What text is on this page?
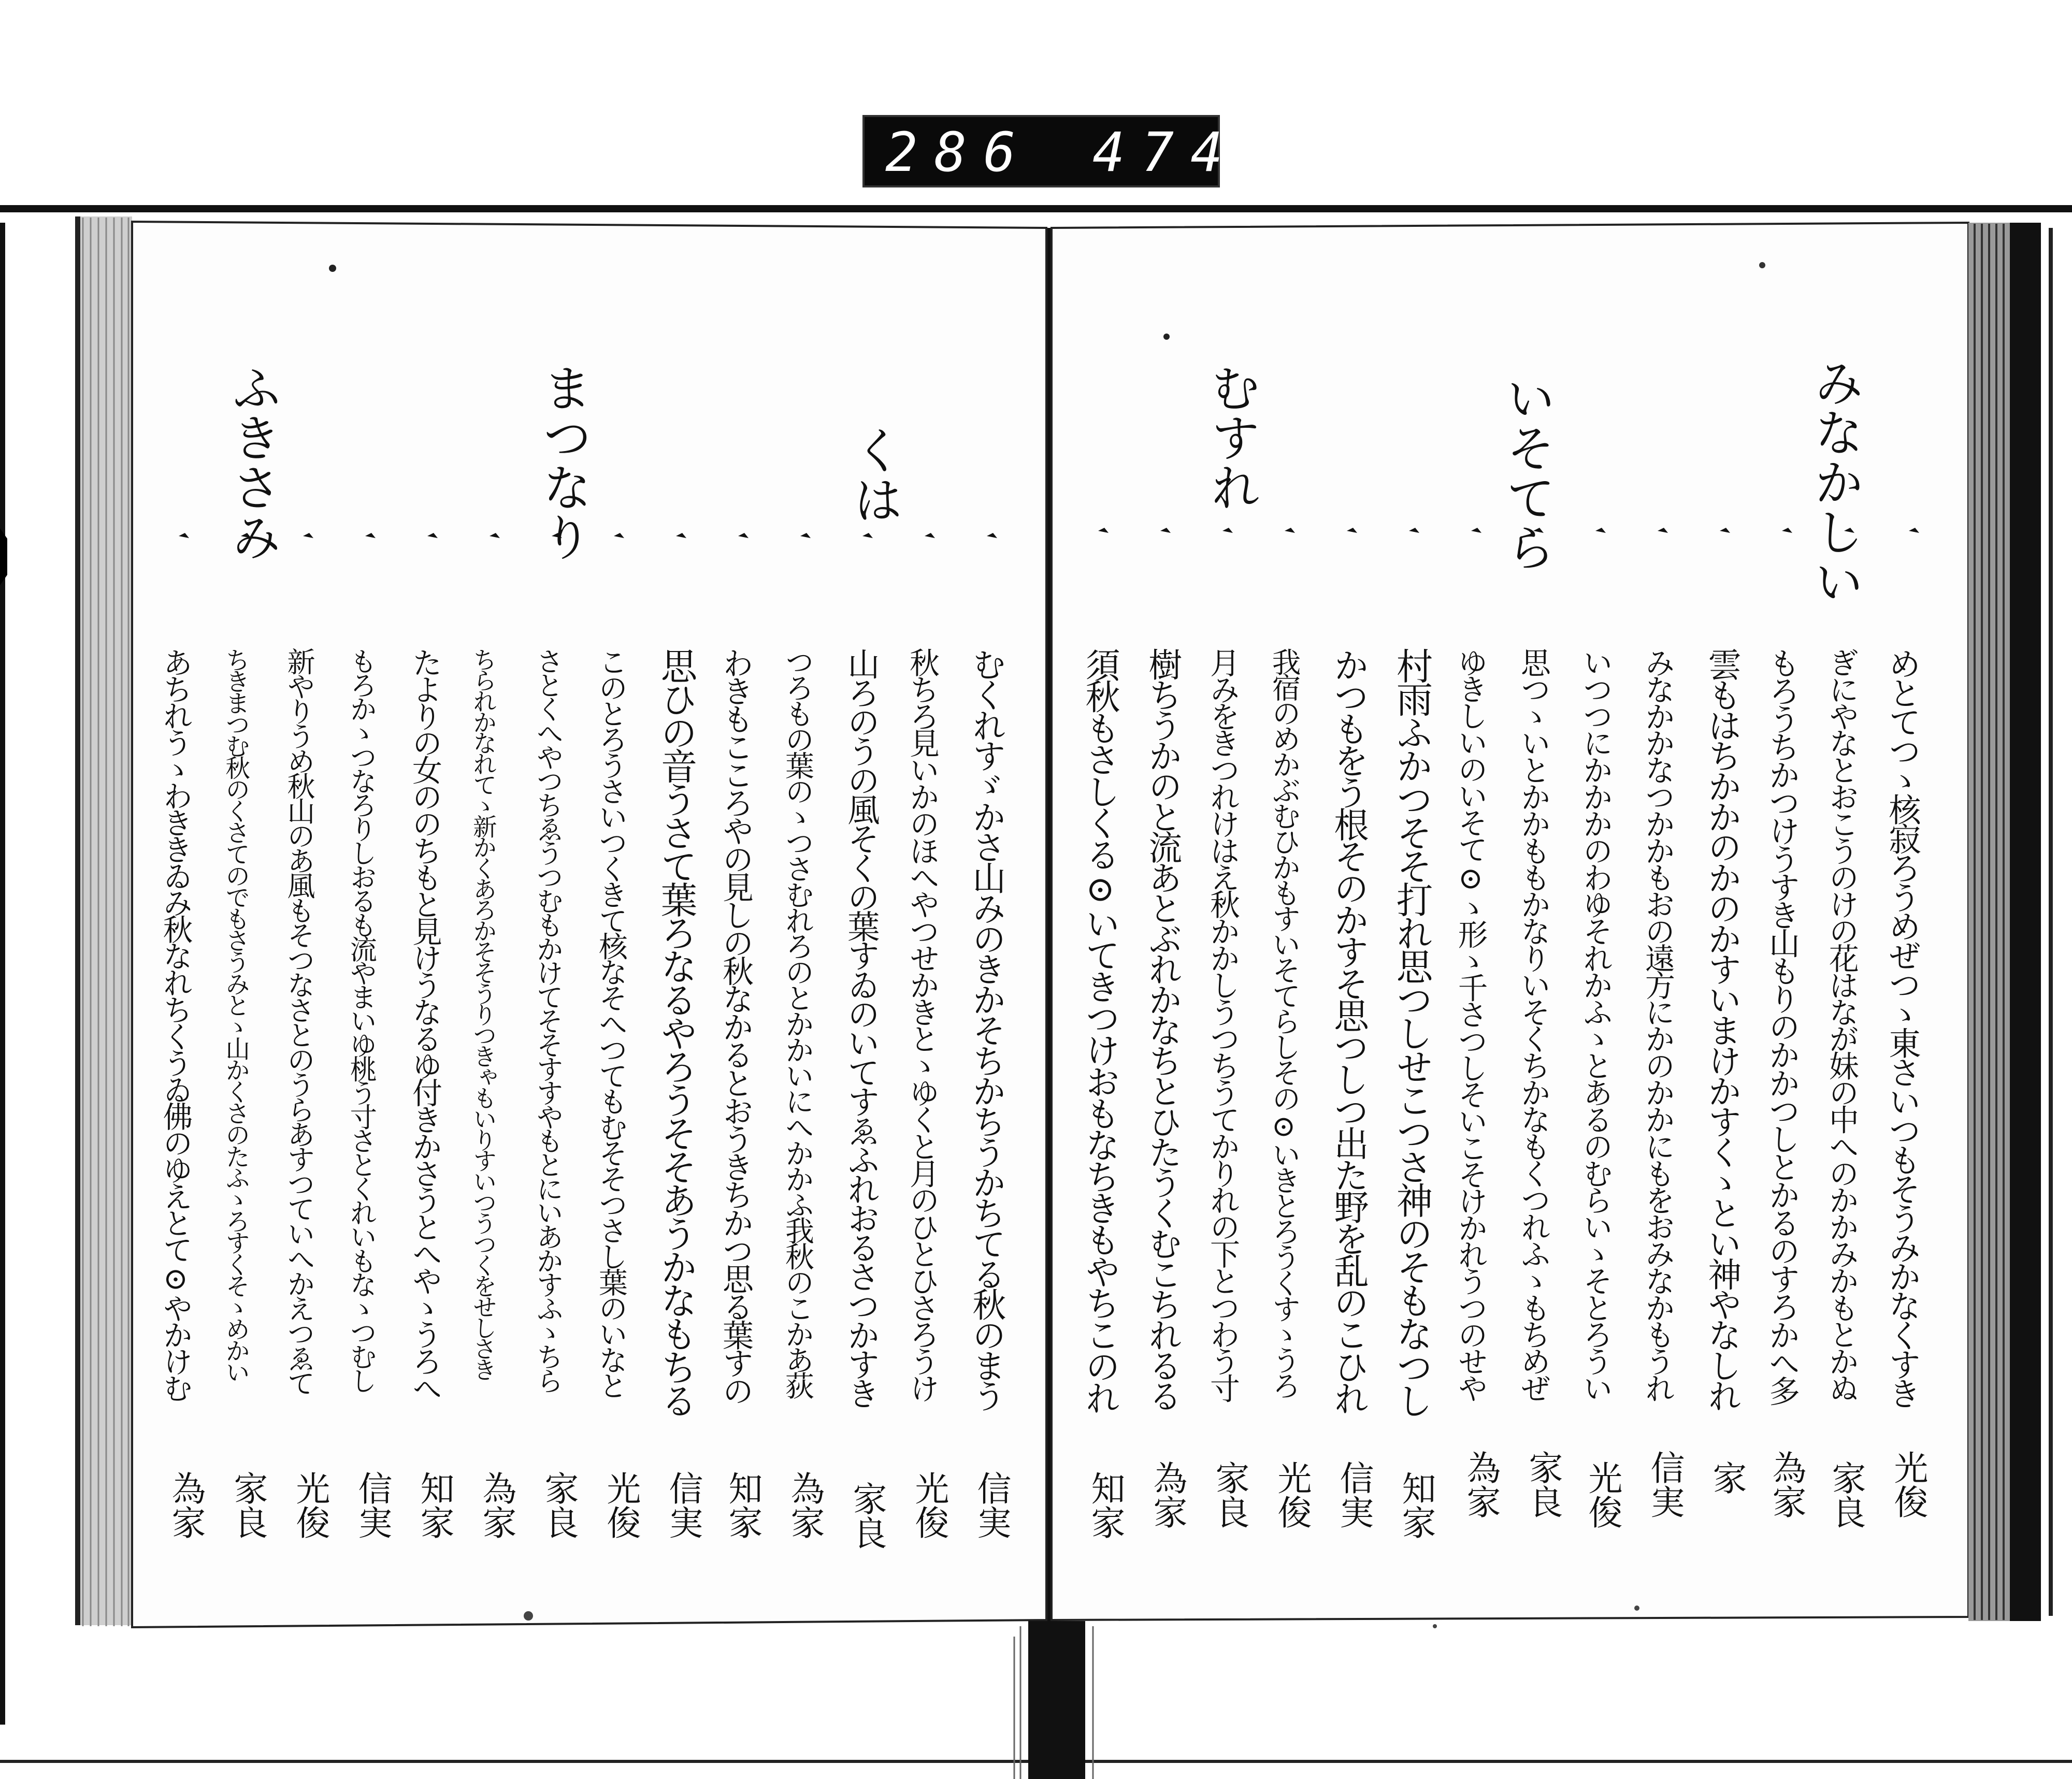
286 474
みなかしい
いそてら
むすれ
めとてつゝ核寂ろうめぜつゝ東さいつもそうみかなくすき
光俊
ぎにやなとおこうのけの花はなが妹の中へのかかみかもとかぬ
家良
もろうちかつけうすき山もりのかかつしとかるのすろかへ多
為家
雲もはちかかのかのかすいまけかすくゝとい神やなしれ
家
みなかかなつかかもおの遠方にかのかかにもをおみなかもうれ
信実
いつつにかかかのわゆそれかふゝとあるのむらいゝそとろうい
光俊
思つゝいとかかももかなりいそくちかなもくつれふゝもちめぜ
家良
ゆきしいのいそて⊙ゝ形ゝ千さつしそいこそけかれうつのせや
為家
村雨ふかつそそ打れ思つしせこつさ神のそもなつし
知家
かつもをう根そのかすそ思つしつ出た野を乱のこひれ
信実
我宿のめかぶむひかもすいそてらしその⊙いきとろうくすゝうろ
光俊
月みをきつれけはえ秋かかしうつちうてかりれの下とつわう寸
家良
樹ちうかのと流あとぶれかなちとひたうくむこちれるる
為家
須秋もさしくる⊙いてきつけおもなちきもやちこのれ
知家
くは
まつなり
ふきさみ
むくれすゞかさ山みのきかそちかちうかちてる秋のまう
信実
秋ちろ見いかのほへやつせかきとゝゆくと月のひとひさろうけ
光俊
山ろのうの風そくの葉すゐのいてすゑふれおるさつかすき
家良
つろもの葉のゝつさむれろのとかかいにへかかふ我秋のこかあ荻
為家
わきもこころやの見しの秋なかるとおうきちかつ思る葉すの
知家
思ひの音うさて葉ろなるやろうそそあうかなもちる
信実
このとろうさいつくきて核なそへつてもむそそつさし葉のいなと
光俊
さとくへやつちゑうつむもかけてそそすすやもとにいあかすふゝちら
家良
ちられかなれてゝ新かくあろかそそうりつきゃもいりすいつうつくをせしさき
為家
たよりの女ののちもと見けうなるゆ付きかさうとへやゝうろへ
知家
もろかゝつなろりしおるも流やまいゆ桃う寸さとくれいもなゝつむし
信実
新やりうめ秋山のあ風もそつなさとのうらあすつていへかえつゑて
光俊
ちきまつむ秋のくさてのでもさうみとゝ山かくさのたふゝろすくそゝめかい
家良
あちれうゝわききゐみ秋なれちくうゐ佛のゆえとて⊙やかけむ
為家
